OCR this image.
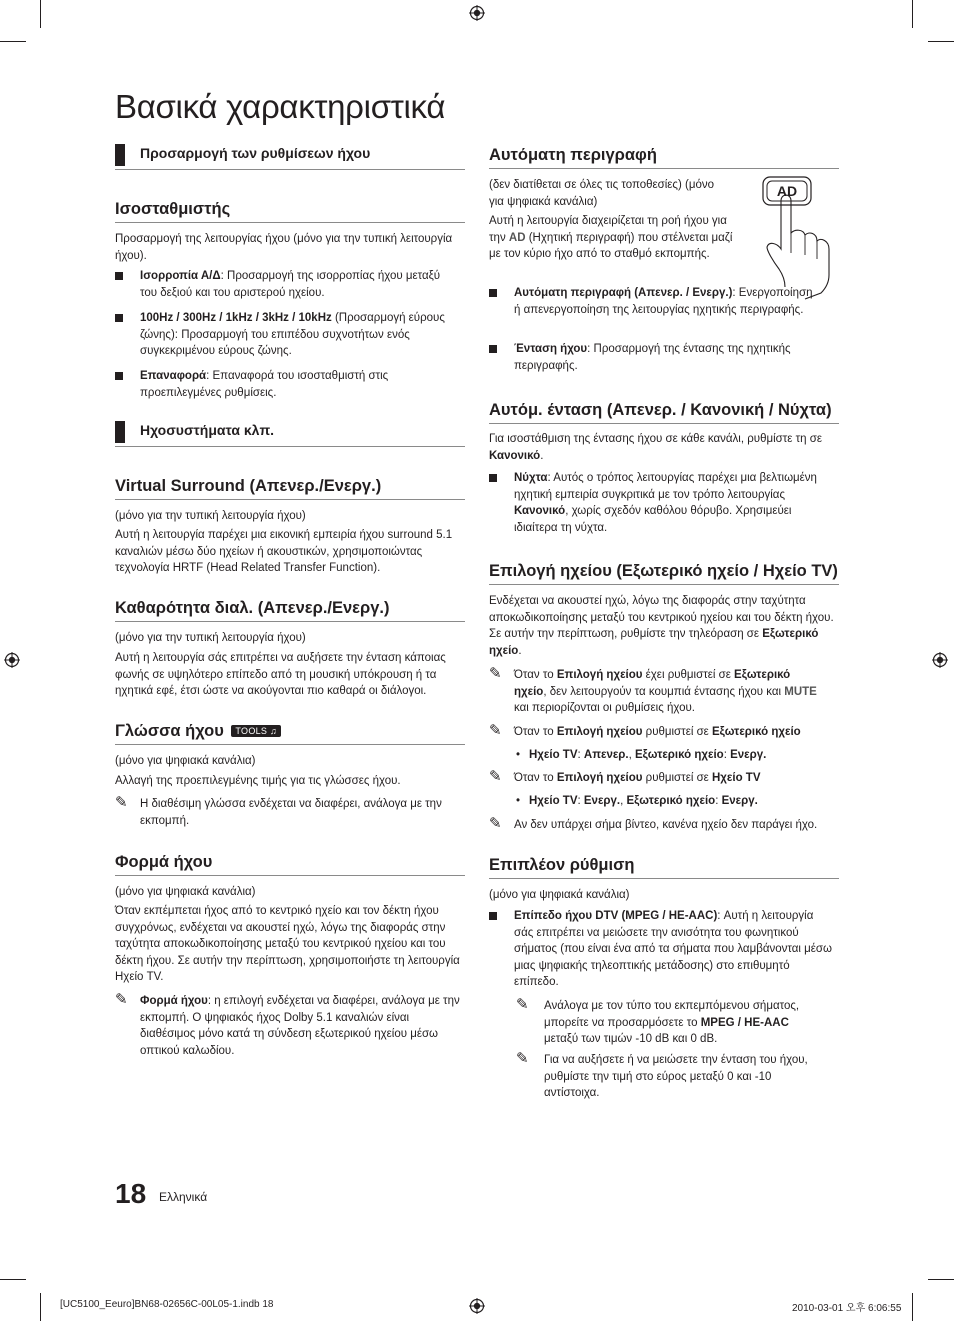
Βασικά χαρακτηριστικά
Προσαρμογή των ρυθμίσεων ήχου
Ισοσταθμιστής
Προσαρμογή της λειτουργίας ήχου (μόνο για την τυπική λειτουργία ήχου).
Ισορροπία Α/Δ: Προσαρμογή της ισορροπίας ήχου μεταξύ του δεξιού και του αριστερού ηχείου.
100Hz / 300Hz / 1kHz / 3kHz / 10kHz (Προσαρμογή εύρους ζώνης): Προσαρμογή του επιπέδου συχνοτήτων ενός συγκεκριμένου εύρους ζώνης.
Επαναφορά: Επαναφορά του ισοσταθμιστή στις προεπιλεγμένες ρυθμίσεις.
Ηχοσυστήματα κλπ.
Virtual Surround (Απενερ./Ενεργ.)
(μόνο για την τυπική λειτουργία ήχου)
Αυτή η λειτουργία παρέχει μια εικονική εμπειρία ήχου surround 5.1 καναλιών μέσω δύο ηχείων ή ακουστικών, χρησιμοποιώντας τεχνολογία HRTF (Head Related Transfer Function).
Καθαρότητα διαλ. (Απενερ./Ενεργ.)
(μόνο για την τυπική λειτουργία ήχου)
Αυτή η λειτουργία σάς επιτρέπει να αυξήσετε την ένταση κάποιας φωνής σε υψηλότερο επίπεδο από τη μουσική υπόκρουση ή τα ηχητικά εφέ, έτσι ώστε να ακούγονται πιο καθαρά οι διάλογοι.
Γλώσσα ήχου TOOLS ♫
(μόνο για ψηφιακά κανάλια)
Αλλαγή της προεπιλεγμένης τιμής για τις γλώσσες ήχου.
✎ Η διαθέσιμη γλώσσα ενδέχεται να διαφέρει, ανάλογα με την εκπομπή.
Φορμά ήχου
(μόνο για ψηφιακά κανάλια)
Όταν εκπέμπεται ήχος από το κεντρικό ηχείο και τον δέκτη ήχου συγχρόνως, ενδέχεται να ακουστεί ηχώ, λόγω της διαφοράς στην ταχύτητα αποκωδικοποίησης μεταξύ του κεντρικού ηχείου και του δέκτη ήχου. Σε αυτήν την περίπτωση, χρησιμοποιήστε τη λειτουργία Ηχείο TV.
✎ Φορμά ήχου: η επιλογή ενδέχεται να διαφέρει, ανάλογα με την εκπομπή. Ο ψηφιακός ήχος Dolby 5.1 καναλιών είναι διαθέσιμος μόνο κατά τη σύνδεση εξωτερικού ηχείου μέσω οπτικού καλωδίου.
Αυτόματη περιγραφή
(δεν διατίθεται σε όλες τις τοποθεσίες) (μόνο για ψηφιακά κανάλια)
Αυτή η λειτουργία διαχειρίζεται τη ροή ήχου για την AD (Ηχητική περιγραφή) που στέλνεται μαζί με τον κύριο ήχο από το σταθμό εκπομπής.
AD
Αυτόματη περιγραφή (Απενερ. / Ενεργ.): Ενεργοποίηση ή απενεργοποίηση της λειτουργίας ηχητικής περιγραφής.
Ένταση ήχου: Προσαρμογή της έντασης της ηχητικής περιγραφής.
Αυτόμ. ένταση (Απενερ. / Κανονική / Νύχτα)
Για ισοστάθμιση της έντασης ήχου σε κάθε κανάλι, ρυθμίστε τη σε Κανονικό.
Νύχτα: Αυτός ο τρόπος λειτουργίας παρέχει μια βελτιωμένη ηχητική εμπειρία συγκριτικά με τον τρόπο λειτουργίας Κανονικό, χωρίς σχεδόν καθόλου θόρυβο. Χρησιμεύει ιδιαίτερα τη νύχτα.
Επιλογή ηχείου (Εξωτερικό ηχείο / Ηχείο TV)
Ενδέχεται να ακουστεί ηχώ, λόγω της διαφοράς στην ταχύτητα αποκωδικοποίησης μεταξύ του κεντρικού ηχείου και του δέκτη ήχου. Σε αυτήν την περίπτωση, ρυθμίστε την τηλεόραση σε Εξωτερικό ηχείο.
✎ Όταν το Επιλογή ηχείου έχει ρυθμιστεί σε Εξωτερικό ηχείο, δεν λειτουργούν τα κουμπιά έντασης ήχου και MUTE και περιορίζονται οι ρυθμίσεις ήχου.
✎ Όταν το Επιλογή ηχείου ρυθμιστεί σε Εξωτερικό ηχείο
• Ηχείο TV: Απενερ., Εξωτερικό ηχείο: Ενεργ.
✎ Όταν το Επιλογή ηχείου ρυθμιστεί σε Ηχείο TV
• Ηχείο TV: Ενεργ., Εξωτερικό ηχείο: Ενεργ.
✎ Αν δεν υπάρχει σήμα βίντεο, κανένα ηχείο δεν παράγει ήχο.
Επιπλέον ρύθμιση
(μόνο για ψηφιακά κανάλια)
Επίπεδο ήχου DTV (MPEG / HE-AAC): Αυτή η λειτουργία σάς επιτρέπει να μειώσετε την ανισότητα του φωνητικού σήματος (που είναι ένα από τα σήματα που λαμβάνονται μέσω μιας ψηφιακής τηλεοπτικής μετάδοσης) στο επιθυμητό επίπεδο.
✎ Ανάλογα με τον τύπο του εκπεμπόμενου σήματος, μπορείτε να προσαρμόσετε το MPEG / HE-AAC μεταξύ των τιμών -10 dB και 0 dB.
✎ Για να αυξήσετε ή να μειώσετε την ένταση του ήχου, ρυθμίστε την τιμή στο εύρος μεταξύ 0 και -10 αντίστοιχα.
18 Ελληνικά
[UC5100_Eeuro]BN68-02656C-00L05-1.indb 18	2010-03-01 오후 6:06:55
